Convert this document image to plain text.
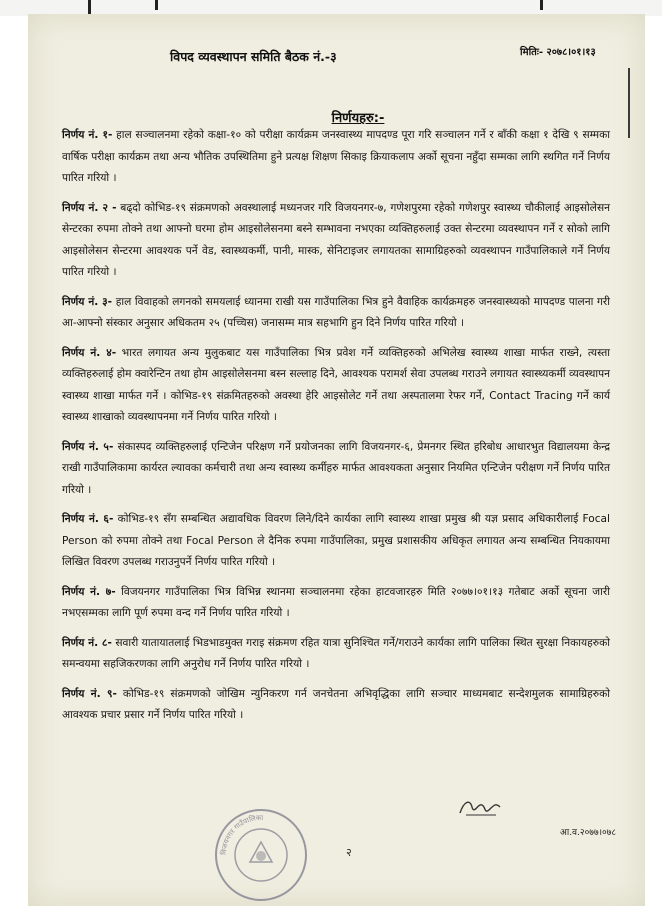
विपद व्यवस्थापन समिति बैठक नं.-३	मितिः- २०७८।०१।१३
निर्णयहरु:-

निर्णय नं. १- हाल सञ्चालनमा रहेको कक्षा-१० को परीक्षा कार्यक्रम जनस्वास्थ्य मापदण्ड पूरा गरि सञ्चालन गर्ने र बाँकी कक्षा १ देखि ९ सम्मका वार्षिक परीक्षा कार्यक्रम तथा अन्य भौतिक उपस्थितिमा हुने प्रत्यक्ष शिक्षण सिकाइ क्रियाकलाप अर्को सूचना नहुँदा सम्मका लागि स्थगित गर्ने निर्णय पारित गरियो ।

निर्णय नं. २ - बढ्दो कोभिड-१९ संक्रमणको अवस्थालाई मध्यनजर गरि विजयनगर-७, गणेशपुरमा रहेको गणेशपुर स्वास्थ्य चौकीलाई आइसोलेसन सेन्टरका रुपमा तोक्ने तथा आफ्नो घरमा होम आइसोलेसनमा बस्ने सम्भावना नभएका व्यक्तिहरुलाई उक्त सेन्टरमा व्यवस्थापन गर्ने र सोको लागि आइसोलेसन सेन्टरमा आवश्यक पर्ने वेड, स्वास्थ्यकर्मी, पानी, मास्क, सेनिटाइजर लगायतका सामाग्रिहरुको व्यवस्थापन गाउँपालिकाले गर्ने निर्णय पारित गरियो ।

निर्णय नं. ३- हाल विवाहको लगनको समयलाई ध्यानमा राखी यस गाउँपालिका भित्र हुने वैवाहिक कार्यक्रमहरु जनस्वास्थ्यको मापदण्ड पालना गरी आ-आफ्नो संस्कार अनुसार अधिकतम २५ (पच्चिस) जनासम्म मात्र सहभागि हुन दिने निर्णय पारित गरियो ।

निर्णय नं. ४- भारत लगायत अन्य मुलुकबाट यस गाउँपालिका भित्र प्रवेश गर्ने व्यक्तिहरुको अभिलेख स्वास्थ्य शाखा मार्फत राख्ने, त्यस्ता व्यक्तिहरुलाई होम क्वारेन्टिन तथा होम आइसोलेसनमा बस्न सल्लाह दिने, आवश्यक परामर्श सेवा उपलब्ध गराउने लगायत स्वास्थ्यकर्मी व्यवस्थापन स्वास्थ्य शाखा मार्फत गर्ने । कोभिड-१९ संक्रमितहरुको अवस्था हेरि आइसोलेट गर्ने तथा अस्पतालमा रेफर गर्ने, Contact Tracing गर्ने कार्य स्वास्थ्य शाखाको व्यवस्थापनमा गर्ने निर्णय पारित गरियो ।

निर्णय नं. ५- संकास्पद व्यक्तिहरुलाई एन्टिजेन परिक्षण गर्ने प्रयोजनका लागि विजयनगर-६, प्रेमनगर स्थित हरिबोध आधारभुत विद्यालयमा केन्द्र राखी गाउँपालिकामा कार्यरत ल्यावका कर्मचारी तथा अन्य स्वास्थ्य कर्मीहरु मार्फत आवश्यकता अनुसार नियमित एन्टिजेन परीक्षण गर्ने निर्णय पारित गरियो ।

निर्णय नं. ६- कोभिड-१९ सँग सम्बन्धित अद्यावधिक विवरण लिने/दिने कार्यका लागि स्वास्थ्य शाखा प्रमुख श्री यज्ञ प्रसाद अधिकारीलाई Focal Person को रुपमा तोक्ने तथा Focal Person ले दैनिक रुपमा गाउँपालिका, प्रमुख प्रशासकीय अधिकृत लगायत अन्य सम्बन्धित नियकायमा लिखित विवरण उपलब्ध गराउनुपर्ने निर्णय पारित गरियो ।

निर्णय नं. ७- विजयनगर गाउँपालिका भित्र विभिन्न स्थानमा सञ्चालनमा रहेका हाटवजारहरु मिति २०७७।०१।१३ गतेबाट अर्को सूचना जारी नभएसम्मका लागि पूर्ण रुपमा वन्द गर्ने निर्णय पारित गरियो ।

निर्णय नं. ८- सवारी यातायातलाई भिडभाडमुक्त गराइ संक्रमण रहित यात्रा सुनिश्चित गर्ने/गराउने कार्यका लागि पालिका स्थित सुरक्षा निकायहरुको समन्वयमा सहजिकरणका लागि अनुरोध गर्ने निर्णय पारित गरियो ।

निर्णय नं. ९- कोभिड-१९ संक्रमणको जोखिम न्युनिकरण गर्न जनचेतना अभिवृद्धिका लागि सञ्चार माध्यमबाट सन्देशमुलक सामाग्रिहरुको आवश्यक प्रचार प्रसार गर्ने निर्णय पारित गरियो ।

विजयनगर गाउँपालिका
२
आ.व.२०७७।०७८
